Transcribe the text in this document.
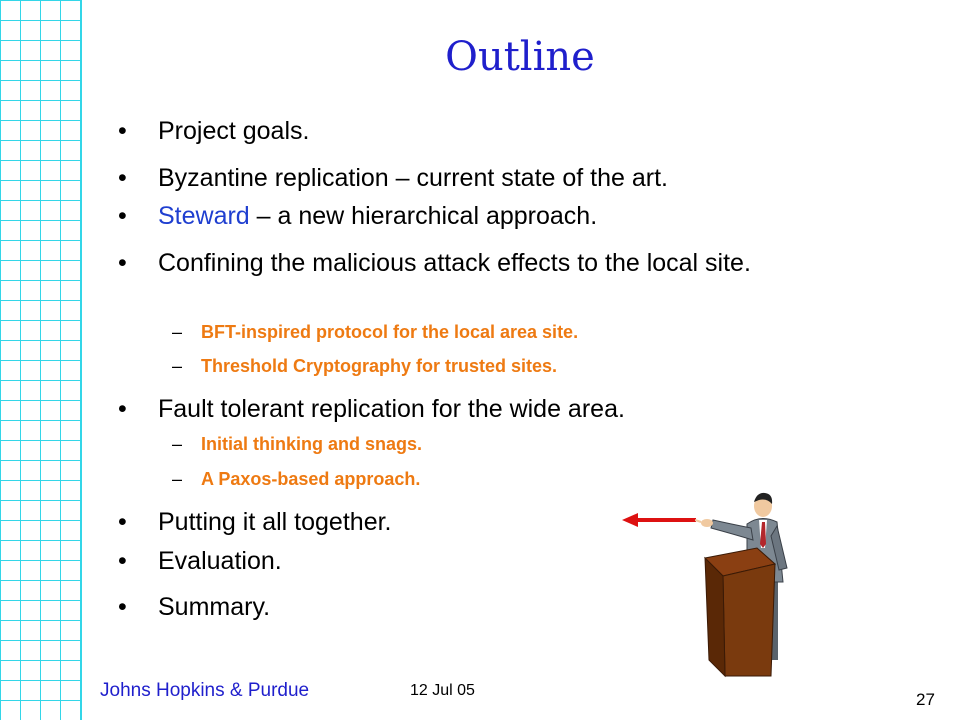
Outline
• Project goals.
• Byzantine replication – current state of the art.
• Steward – a new hierarchical approach.
• Confining the malicious attack effects to the local site.
– BFT-inspired protocol for the local area site.
– Threshold Cryptography for trusted sites.
• Fault tolerant replication for the wide area.
– Initial thinking and snags.
– A Paxos-based approach.
• Putting it all together.
• Evaluation.
• Summary.
Johns Hopkins & Purdue	12 Jul 05	27
